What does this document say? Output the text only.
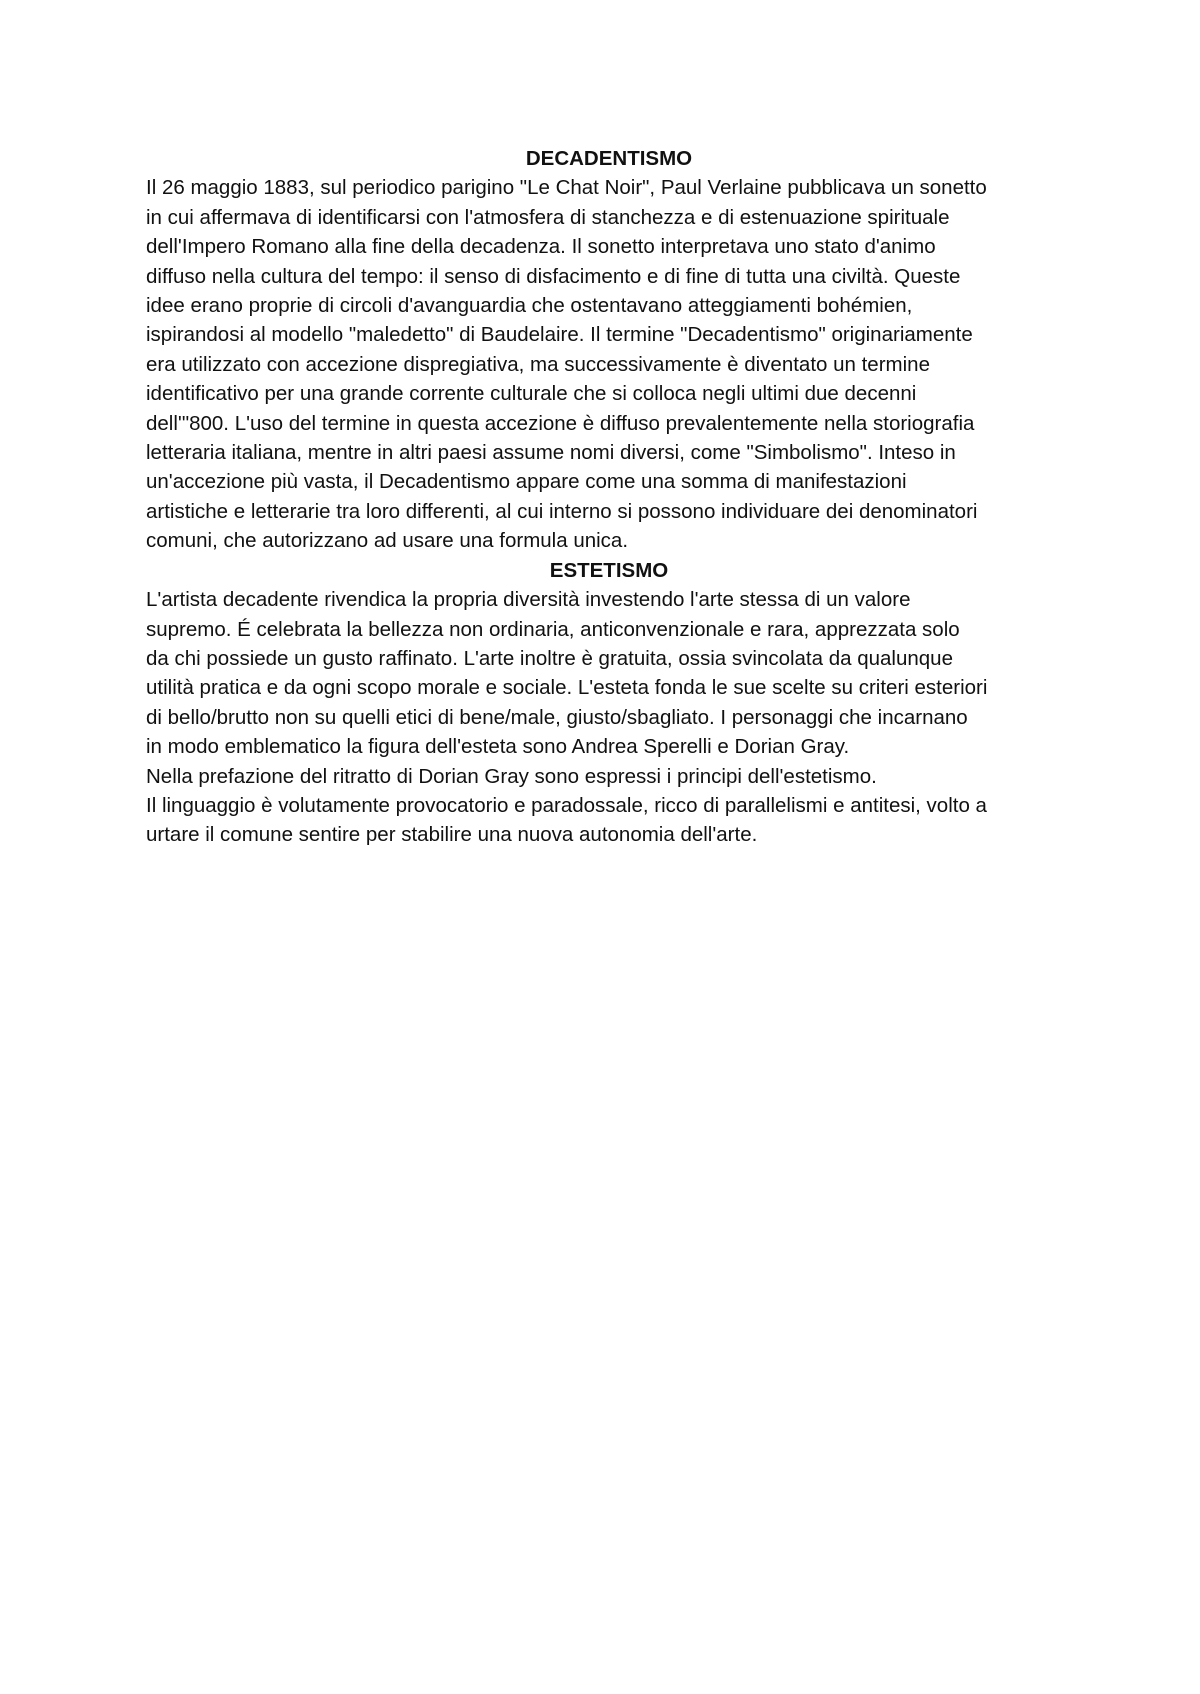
DECADENTISMO
Il 26 maggio 1883, sul periodico parigino "Le Chat Noir", Paul Verlaine pubblicava un sonetto
in cui affermava di identificarsi con l'atmosfera di stanchezza e di estenuazione spirituale
dell'Impero Romano alla fine della decadenza. Il sonetto interpretava uno stato d'animo
diffuso nella cultura del tempo: il senso di disfacimento e di fine di tutta una civiltà. Queste
idee erano proprie di circoli d'avanguardia che ostentavano atteggiamenti bohémien,
ispirandosi al modello "maledetto" di Baudelaire. Il termine "Decadentismo" originariamente
era utilizzato con accezione dispregiativa, ma successivamente è diventato un termine
identificativo per una grande corrente culturale che si colloca negli ultimi due decenni
dell'"800. L'uso del termine in questa accezione è diffuso prevalentemente nella storiografia
letteraria italiana, mentre in altri paesi assume nomi diversi, come "Simbolismo". Inteso in
un'accezione più vasta, il Decadentismo appare come una somma di manifestazioni
artistiche e letterarie tra loro differenti, al cui interno si possono individuare dei denominatori
comuni, che autorizzano ad usare una formula unica.
ESTETISMO
L'artista decadente rivendica la propria diversità investendo l'arte stessa di un valore
supremo. É celebrata la bellezza non ordinaria, anticonvenzionale e rara, apprezzata solo
da chi possiede un gusto raffinato. L'arte inoltre è gratuita, ossia svincolata da qualunque
utilità pratica e da ogni scopo morale e sociale. L'esteta fonda le sue scelte su criteri esteriori
di bello/brutto non su quelli etici di bene/male, giusto/sbagliato. I personaggi che incarnano
in modo emblematico la figura dell'esteta sono Andrea Sperelli e Dorian Gray.
Nella prefazione del ritratto di Dorian Gray sono espressi i principi dell'estetismo.
Il linguaggio è volutamente provocatorio e paradossale, ricco di parallelismi e antitesi, volto a
urtare il comune sentire per stabilire una nuova autonomia dell'arte.
